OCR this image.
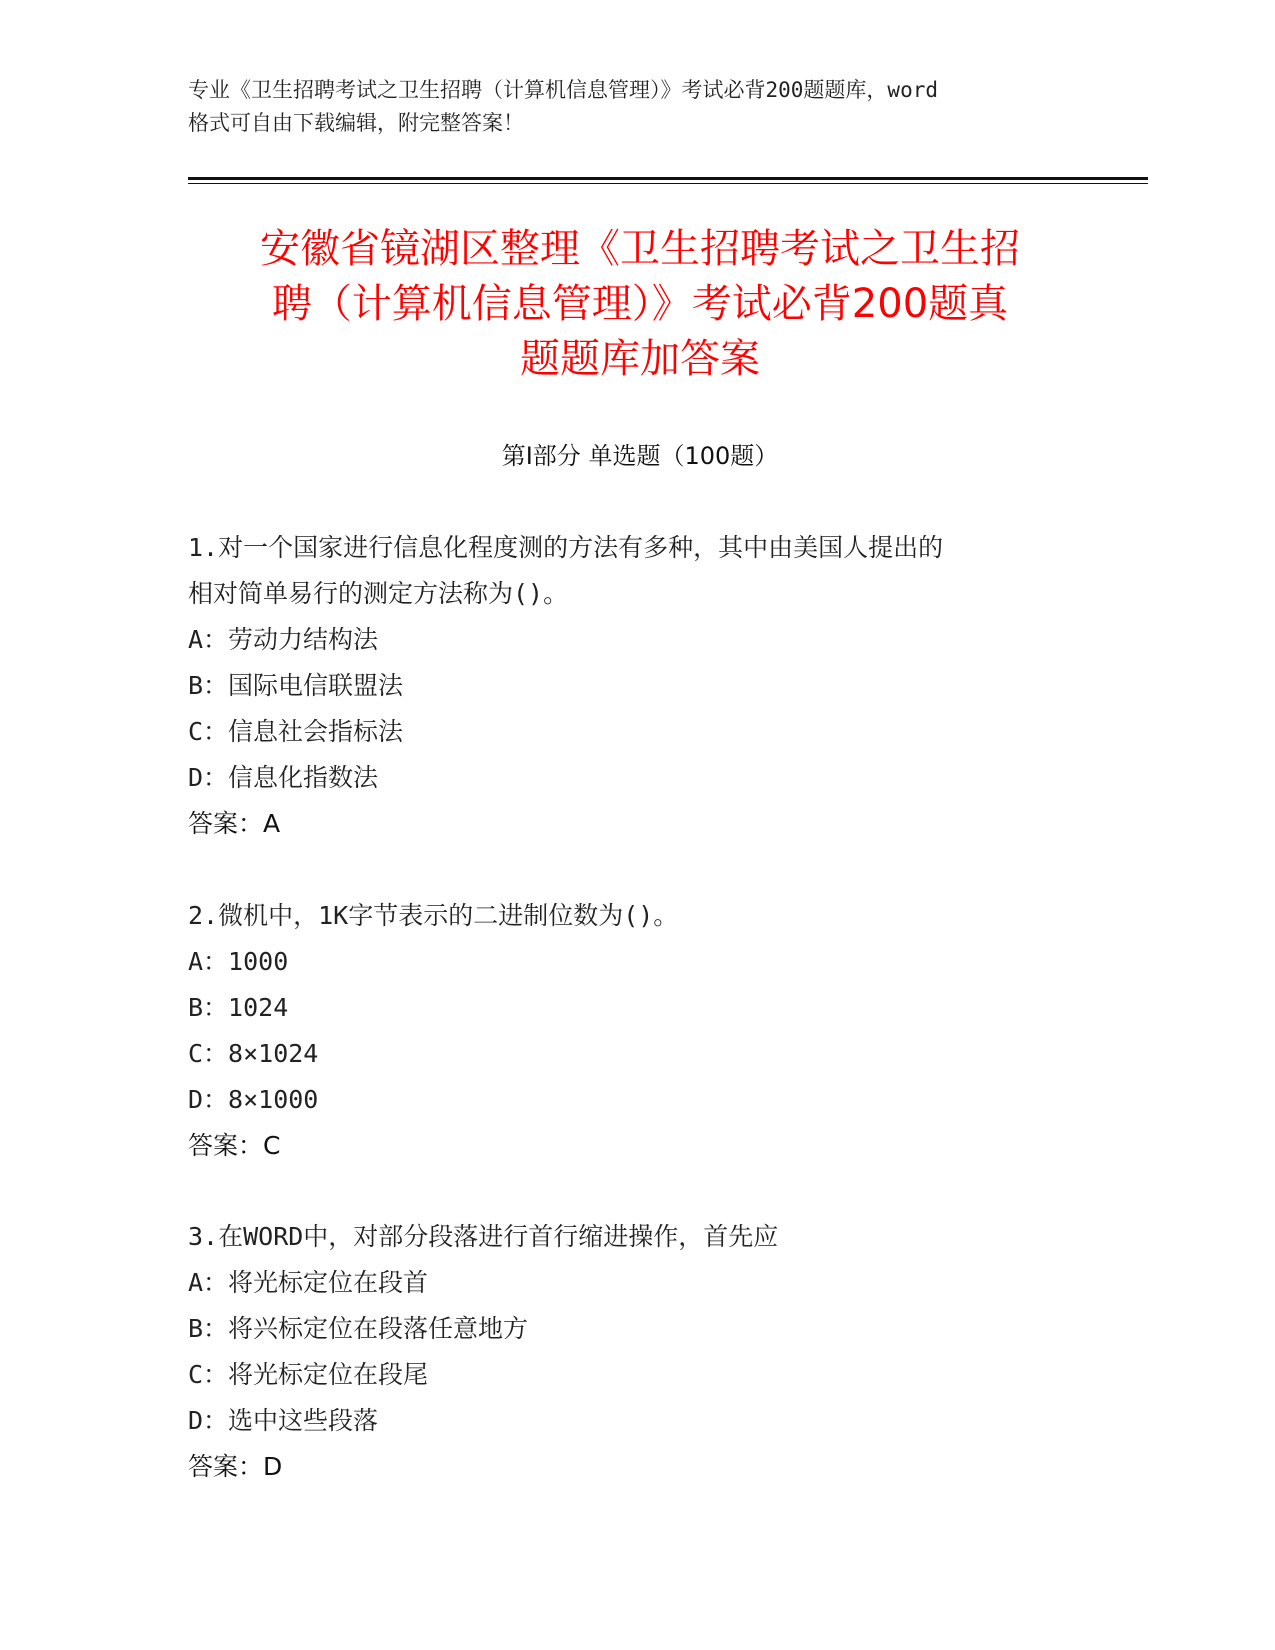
专业《卫生招聘考试之卫生招聘（计算机信息管理）》考试必背200题题库，word
格式可自由下载编辑，附完整答案！
安徽省镜湖区整理《卫生招聘考试之卫生招
聘（计算机信息管理）》考试必背200题真
题题库加答案
第Ⅰ部分 单选题（100题）
1.对一个国家进行信息化程度测的方法有多种，其中由美国人提出的
相对简单易行的测定方法称为()。
A：劳动力结构法
B：国际电信联盟法
C：信息社会指标法
D：信息化指数法
答案：A
2.微机中，1K字节表示的二进制位数为()。
A：1000
B：1024
C：8×1024
D：8×1000
答案：C
3.在WORD中，对部分段落进行首行缩进操作，首先应
A：将光标定位在段首
B：将兴标定位在段落任意地方
C：将光标定位在段尾
D：选中这些段落
答案：D
